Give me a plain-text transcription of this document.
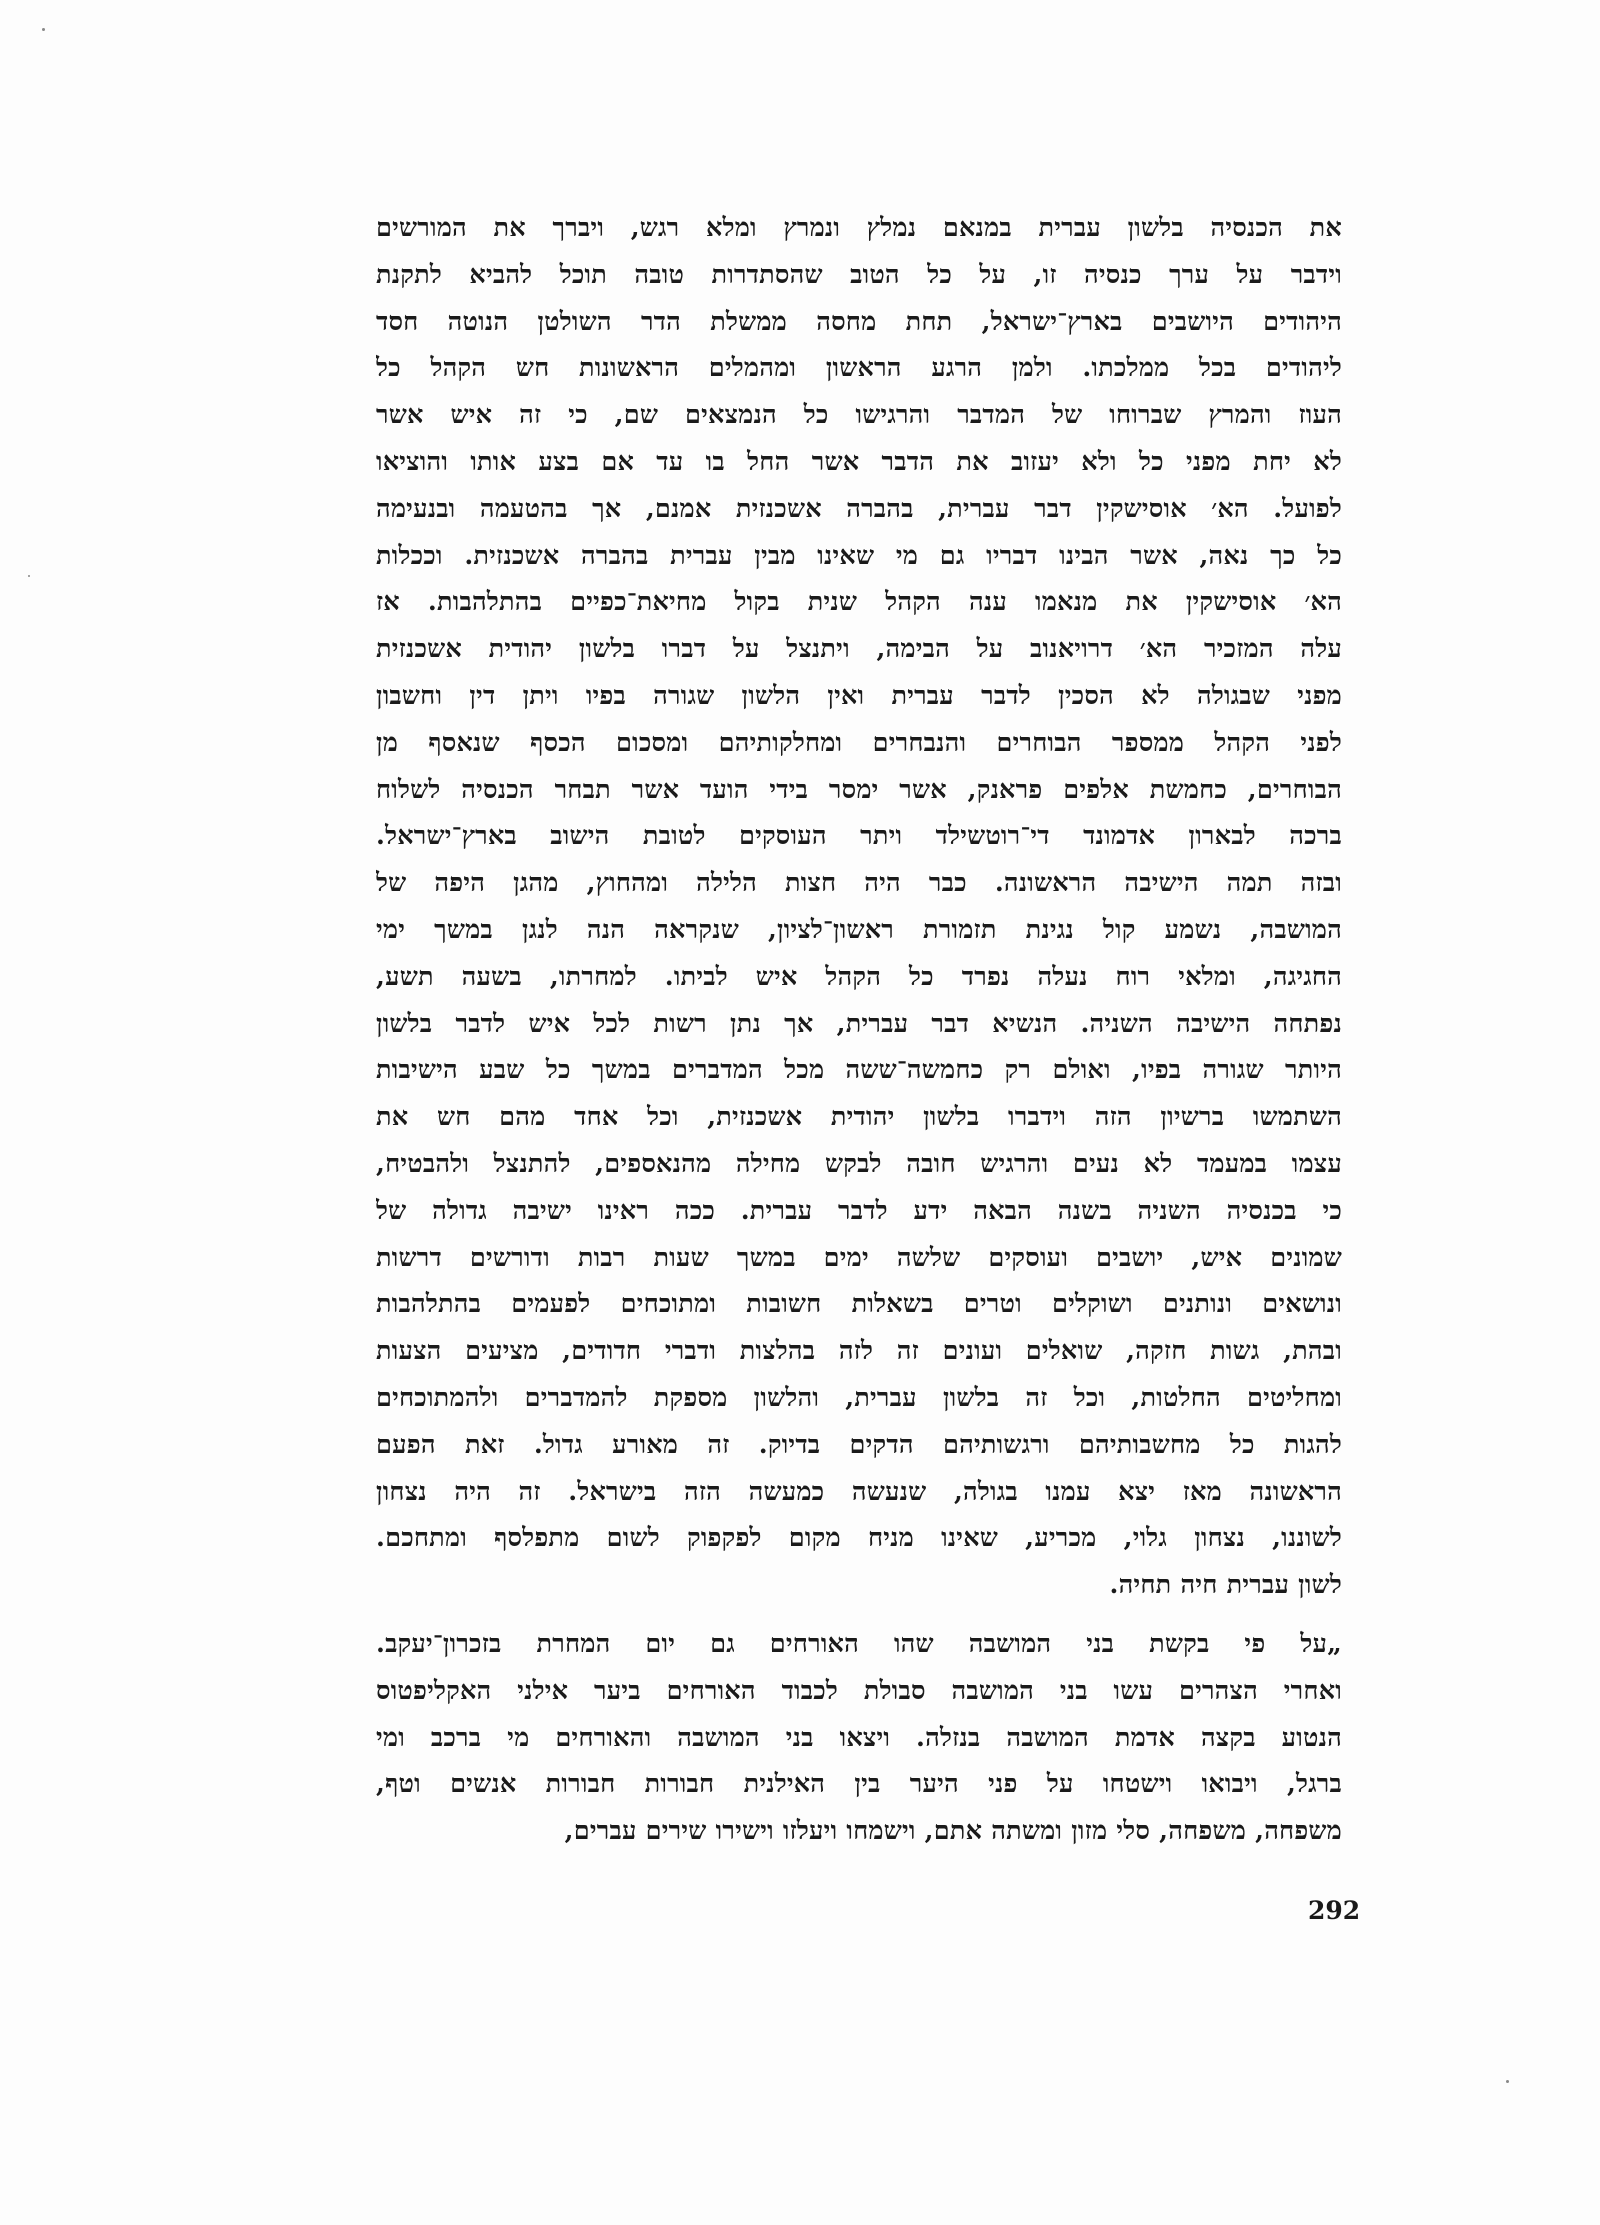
את הכנסיה בלשון עברית במנאם נמלץ ונמרץ ומלא רגש, ויברך את המורשים
וידבר על ערך כנסיה זו, על כל הטוב שהסתדרות טובה תוכל להביא לתקנת
היהודים היושבים בארץ־ישראל, תחת מחסה ממשלת הדר השולטן הנוטה חסד
ליהודים בכל ממלכתו. ולמן הרגע הראשון ומהמלים הראשונות חש הקהל כל
העוז והמרץ שברוחו של המדבר והרגישו כל הנמצאים שם, כי זה איש אשר
לא יחת מפני כל ולא יעזוב את הדבר אשר החל בו עד אם בצע אותו והוציאו
לפועל. הא׳ אוסישקין דבר עברית, בהברה אשכנזית אמנם, אך בהטעמה ובנעימה
כל כך נאה, אשר הבינו דבריו גם מי שאינו מבין עברית בהברה אשכנזית. וככלות
הא׳ אוסישקין את מנאמו ענה הקהל שנית בקול מחיאת־כפיים בהתלהבות. אז
עלה המזכיר הא׳ דרויאנוב על הבימה, ויתנצל על דברו בלשון יהודית אשכנזית
מפני שבגולה לא הסכין לדבר עברית ואין הלשון שגורה בפיו ויתן דין וחשבון
לפני הקהל ממספר הבוחרים והנבחרים ומחלקותיהם ומסכום הכסף שנאסף מן
הבוחרים, כחמשת אלפים פראנק, אשר ימסר בידי הועד אשר תבחר הכנסיה לשלוח
ברכה לבארון אדמונד די־רוטשילד ויתר העוסקים לטובת הישוב בארץ־ישראל.
ובזה תמה הישיבה הראשונה. כבר היה חצות הלילה ומהחוץ, מהגן היפה של
המושבה, נשמע קול נגינת תזמורת ראשון־לציון, שנקראה הנה לנגן במשך ימי
החגיגה, ומלאי רוח נעלה נפרד כל הקהל איש לביתו. למחרתו, בשעה תשע,
נפתחה הישיבה השניה. הנשיא דבר עברית, אך נתן רשות לכל איש לדבר בלשון
היותר שגורה בפיו, ואולם רק כחמשה־ששה מכל המדברים במשך כל שבע הישיבות
השתמשו ברשיון הזה וידברו בלשון יהודית אשכנזית, וכל אחד מהם חש את
עצמו במעמד לא נעים והרגיש חובה לבקש מחילה מהנאספים, להתנצל ולהבטיח,
כי בכנסיה השניה בשנה הבאה ידע לדבר עברית. ככה ראינו ישיבה גדולה של
שמונים איש, יושבים ועוסקים שלשה ימים במשך שעות רבות ודורשים דרשות
ונושאים ונותנים ושוקלים וטרים בשאלות חשובות ומתוכחים לפעמים בהתלהבות
ובהת, גשות חזקה, שואלים ועונים זה לזה בהלצות ודברי חדודים, מציעים הצעות
ומחליטים החלטות, וכל זה בלשון עברית, והלשון מספקת להמדברים ולהמתוכחים
להגות כל מחשבותיהם ורגשותיהם הדקים בדיוק. זה מאורע גדול. זאת הפעם
הראשונה מאז יצא עמנו בגולה, שנעשה כמעשה הזה בישראל. זה היה נצחון
לשוננו, נצחון גלוי, מכריע, שאינו מניח מקום לפקפוק לשום מתפלסף ומתחכם.
לשון עברית חיה תחיה.
„על פי בקשת בני המושבה שהו האורחים גם יום המחרת בזכרון־יעקב.
ואחרי הצהרים עשו בני המושבה סבולת לכבוד האורחים ביער אילני האקליפטוס
הנטוע בקצה אדמת המושבה בנזלה. ויצאו בני המושבה והאורחים מי ברכב ומי
ברגל, ויבואו וישטחו על פני היער בין האילנית חבורות חבורות אנשים וטף,
משפחה, משפחה, סלי מזון ומשתה אתם, וישמחו ויעלזו וישירו שירים עברים,
292
